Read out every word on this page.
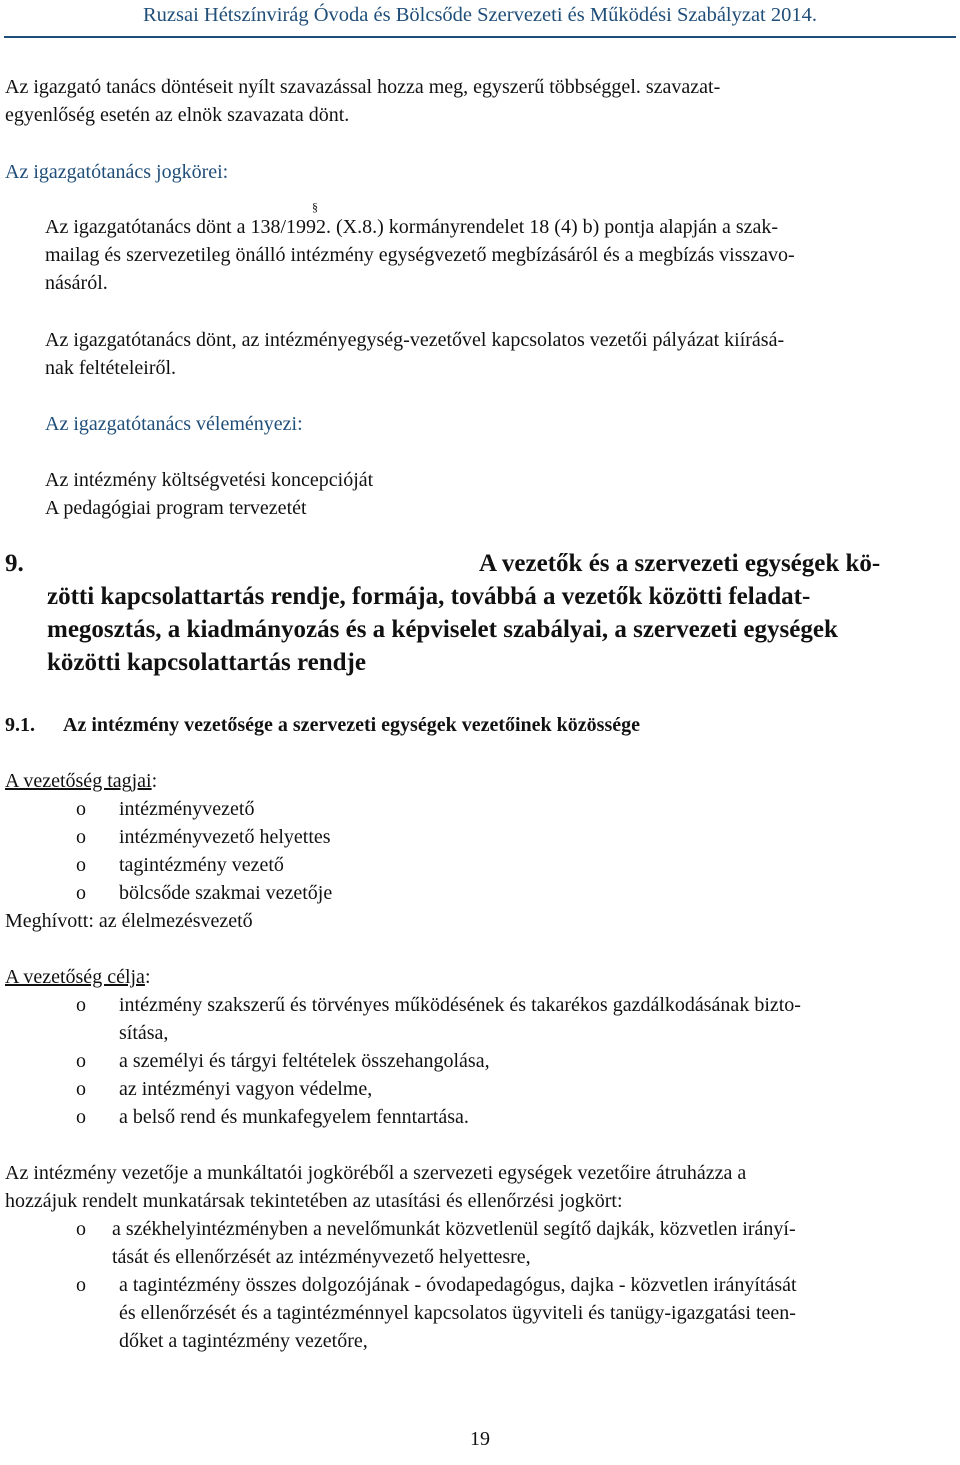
Ruzsai Hétszínvirág Óvoda és Bölcsőde Szervezeti és Működési Szabályzat 2014.
Az igazgató tanács döntéseit nyílt szavazással hozza meg, egyszerű többséggel. szavazat-
egyenlőség esetén az elnök szavazata dönt.
Az igazgatótanács jogkörei:
Az igazgatótanács dönt a 138/1992. (X.8.) kormányrendelet 18 (4) b) pontja alapján a szak-
§
mailag és szervezetileg önálló intézmény egységvezető megbízásáról és a megbízás visszavo-
násáról.
Az igazgatótanács dönt, az intézményegység-vezetővel kapcsolatos vezetői pályázat kiírásá-
nak feltételeiről.
Az igazgatótanács véleményezi:
Az intézmény költségvetési koncepcióját
A pedagógiai program tervezetét
9.	A vezetők és a szervezeti egységek kö-
zötti kapcsolattartás rendje, formája, továbbá a vezetők közötti feladat-
megosztás, a kiadmányozás és a képviselet szabályai, a szervezeti egységek
közötti kapcsolattartás rendje
9.1. Az intézmény vezetősége a szervezeti egységek vezetőinek közössége
A vezetőség tagjai:
o intézményvezető
o intézményvezető helyettes
o tagintézmény vezető
o bölcsőde szakmai vezetője
Meghívott: az élelmezésvezető
A vezetőség célja:
o intézmény szakszerű és törvényes működésének és takarékos gazdálkodásának bizto-
sítása,
o a személyi és tárgyi feltételek összehangolása,
o az intézményi vagyon védelme,
o a belső rend és munkafegyelem fenntartása.
Az intézmény vezetője a munkáltatói jogköréből a szervezeti egységek vezetőire átruházza a
hozzájuk rendelt munkatársak tekintetében az utasítási és ellenőrzési jogkört:
o a székhelyintézményben a nevelőmunkát közvetlenül segítő dajkák, közvetlen irányí-
tását és ellenőrzését az intézményvezető helyettesre,
o a tagintézmény összes dolgozójának - óvodapedagógus, dajka - közvetlen irányítását
és ellenőrzését és a tagintézménnyel kapcsolatos ügyviteli és tanügy-igazgatási teen-
dőket a tagintézmény vezetőre,
19
